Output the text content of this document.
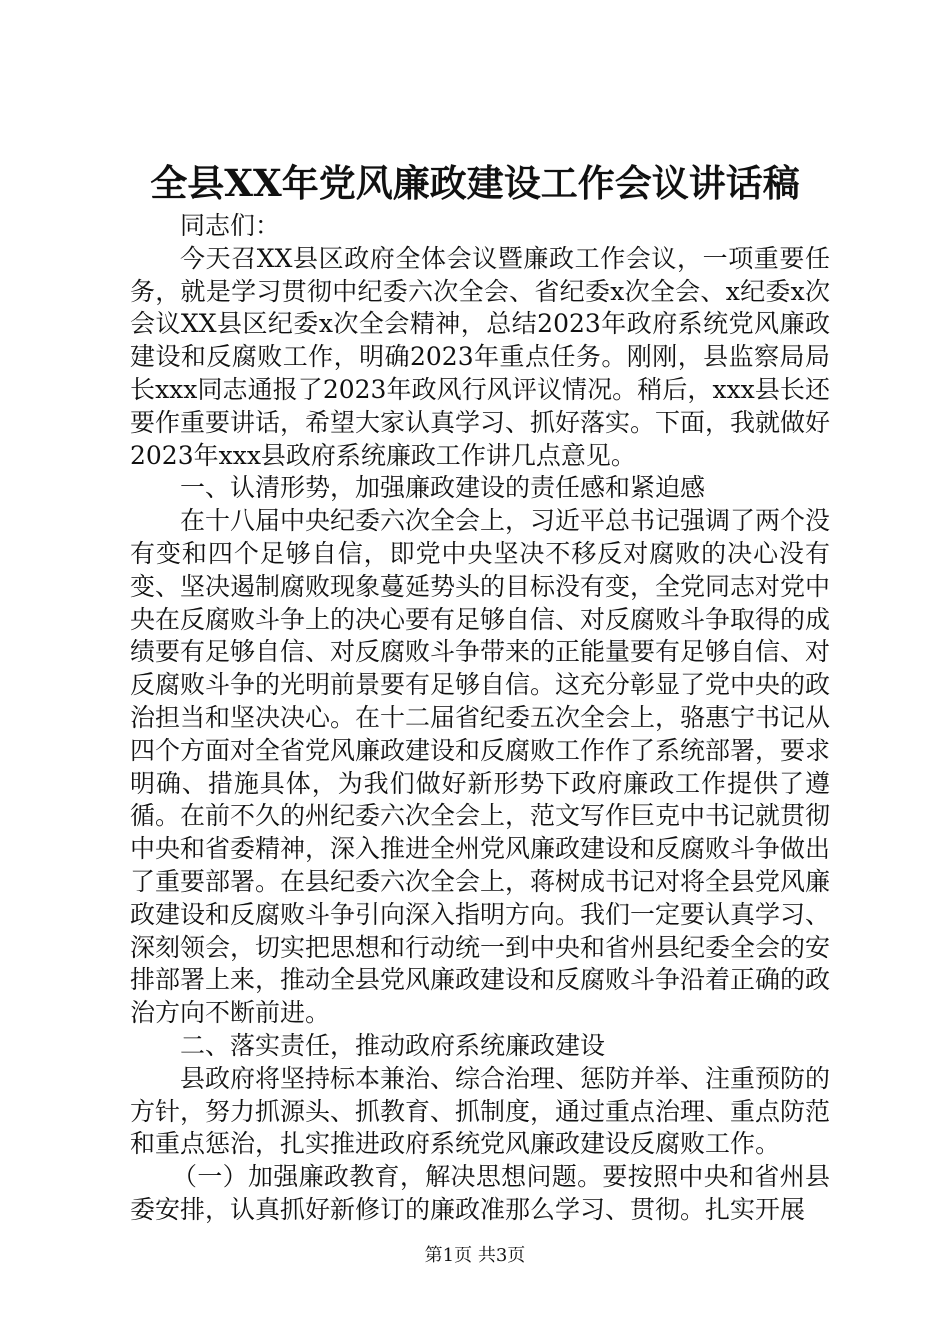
全县XX年党风廉政建设工作会议讲话稿

同志们：

今天召XX县区政府全体会议暨廉政工作会议，一项重要任务，就是学习贯彻中纪委六次全会、省纪委x次全会、x纪委x次会议XX县区纪委x次全会精神，总结2023年政府系统党风廉政建设和反腐败工作，明确2023年重点任务。刚刚，县监察局局长xxx同志通报了2023年政风行风评议情况。稍后，xxx县长还要作重要讲话，希望大家认真学习、抓好落实。下面，我就做好2023年xxx县政府系统廉政工作讲几点意见。

一、认清形势，加强廉政建设的责任感和紧迫感

在十八届中央纪委六次全会上，习近平总书记强调了两个没有变和四个足够自信，即党中央坚决不移反对腐败的决心没有变、坚决遏制腐败现象蔓延势头的目标没有变，全党同志对党中央在反腐败斗争上的决心要有足够自信、对反腐败斗争取得的成绩要有足够自信、对反腐败斗争带来的正能量要有足够自信、对反腐败斗争的光明前景要有足够自信。这充分彰显了党中央的政治担当和坚决决心。在十二届省纪委五次全会上，骆惠宁书记从四个方面对全省党风廉政建设和反腐败工作作了系统部署，要求明确、措施具体，为我们做好新形势下政府廉政工作提供了遵循。在前不久的州纪委六次全会上，范文写作巨克中书记就贯彻中央和省委精神，深入推进全州党风廉政建设和反腐败斗争做出了重要部署。在县纪委六次全会上，蒋树成书记对将全县党风廉政建设和反腐败斗争引向深入指明方向。我们一定要认真学习、深刻领会，切实把思想和行动统一到中央和省州县纪委全会的安排部署上来，推动全县党风廉政建设和反腐败斗争沿着正确的政治方向不断前进。

二、落实责任，推动政府系统廉政建设

县政府将坚持标本兼治、综合治理、惩防并举、注重预防的方针，努力抓源头、抓教育、抓制度，通过重点治理、重点防范和重点惩治，扎实推进政府系统党风廉政建设反腐败工作。

（一）加强廉政教育，解决思想问题。要按照中央和省州县委安排，认真抓好新修订的廉政准那么学习、贯彻。扎实开展

第1页 共3页
